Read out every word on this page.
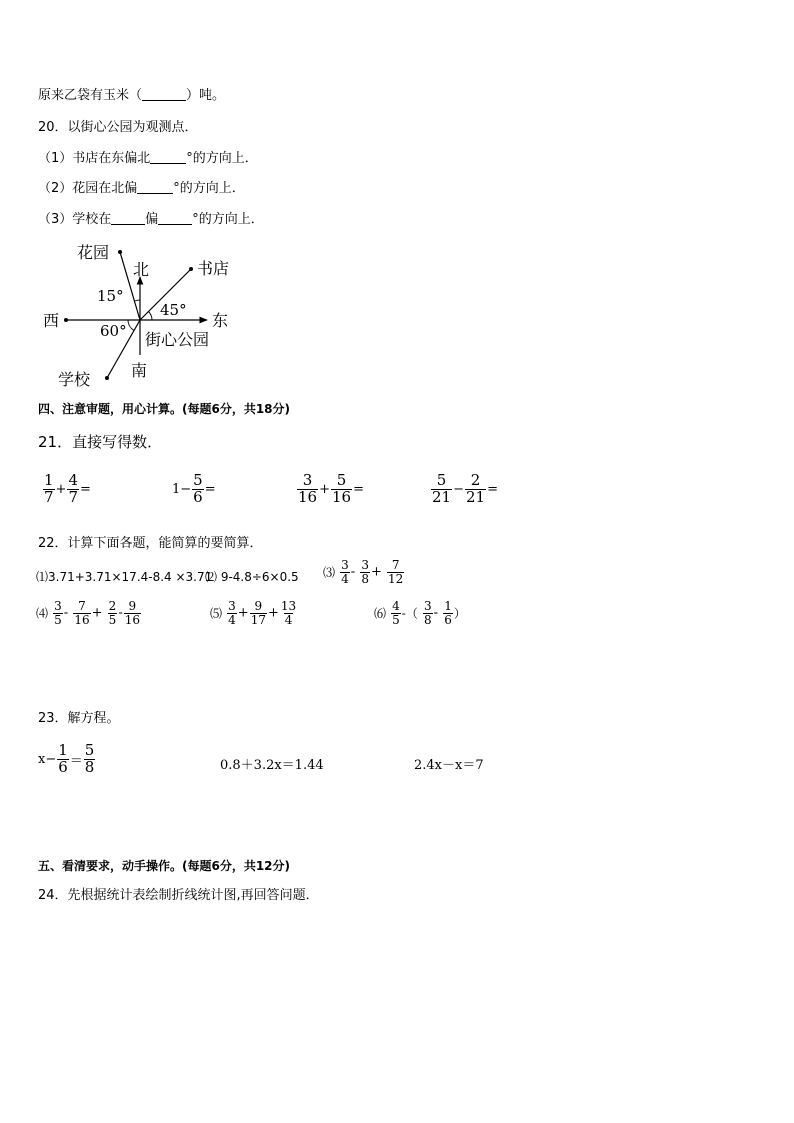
原来乙袋有玉米（	）吨。
20．以街心公园为观测点．
（1）书店在东偏北	°的方向上．
（2）花园在北偏	°的方向上．
（3）学校在	偏	°的方向上．
花园
北	书店
15°
45°
西	东
60° 街心公园
南
学校
四、注意审题，用心计算。(每题6分，共18分)
21．直接写得数．
$\frac{1}{7} + \frac{4}{7}$ =	$1- \frac{5}{6}$ =	$\frac{3}{16} + \frac{5}{16}$ =	$\frac{5}{21} - \frac{2}{21}$ =
22．计算下面各题，能简算的要简算．
⑴3.71+3.71×17.4-8.4 ×3.71
⑵ 9-4.8÷6×0.5 ⑶ $\frac{3}{4} - \frac{3}{8} + \frac{7}{12}$
⑷ $\frac{3}{5} - \frac{7}{16} + \frac{2}{5} - \frac{9}{16}$	⑸ $\frac{3}{4} + \frac{9}{17} + \frac{13}{4}$	⑹ $\frac{4}{5}$ -（ $\frac{3}{8} - \frac{1}{6}$ ）
23．解方程。
$x- \frac{1}{6} = \frac{5}{8}$	0.8＋3.2x＝1.44	2.4x－x＝7
五、看清要求，动手操作。(每题6分，共12分)
24．先根据统计表绘制折线统计图,再回答问题．
